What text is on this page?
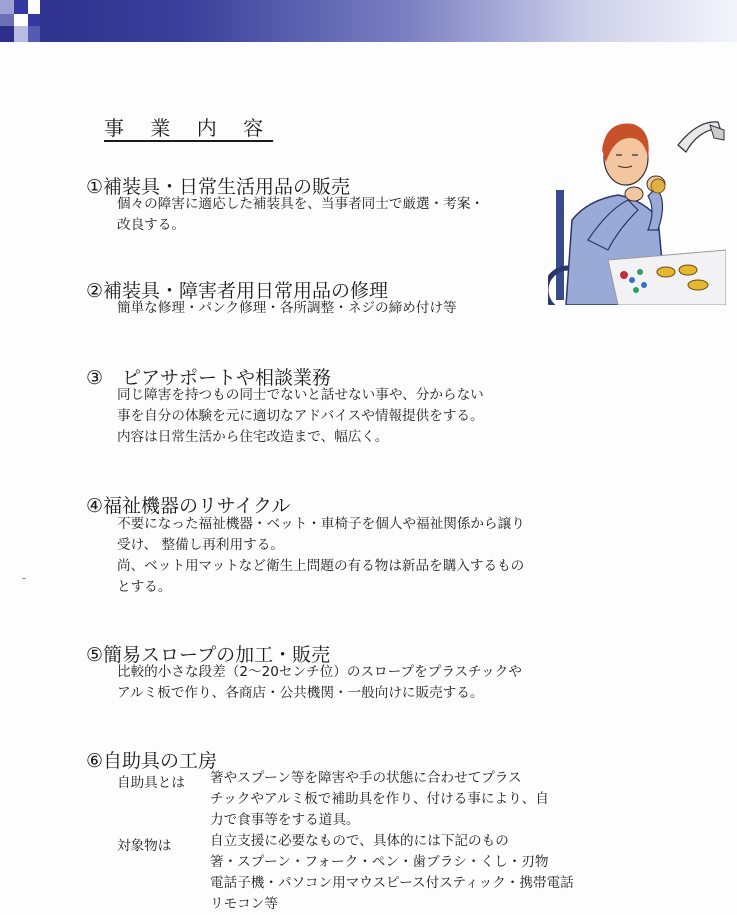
事 業 内 容
①補装具・日常生活用品の販売
個々の障害に適応した補装具を、当事者同士で厳選・考案・
改良する。
②補装具・障害者用日常用品の修理
簡単な修理・パンク修理・各所調整・ネジの締め付け等
③　ピアサポートや相談業務
同じ障害を持つもの同士でないと話せない事や、分からない
事を自分の体験を元に適切なアドバイスや情報提供をする。
内容は日常生活から住宅改造まで、幅広く。
④福祉機器のリサイクル
不要になった福祉機器・ベット・車椅子を個人や福祉関係から譲り
受け、 整備し再利用する。
尚、ベット用マットなど衛生上問題の有る物は新品を購入するもの
とする。
⑤簡易スロープの加工・販売
比較的小さな段差（2～20センチ位）のスロープをプラスチックや
アルミ板で作り、各商店・公共機関・一般向けに販売する。
⑥自助具の工房
自助具とは 箸やスプーン等を障害や手の状態に合わせてプラス
チックやアルミ板で補助具を作り、付ける事により、自
力で食事等をする道具。
対象物は	自立支援に必要なもので、具体的には下記のもの
箸・スプーン・フォーク・ペン・歯ブラシ・くし・刃物
電話子機・パソコン用マウスピース付スティック・携帯電話
リモコン等
